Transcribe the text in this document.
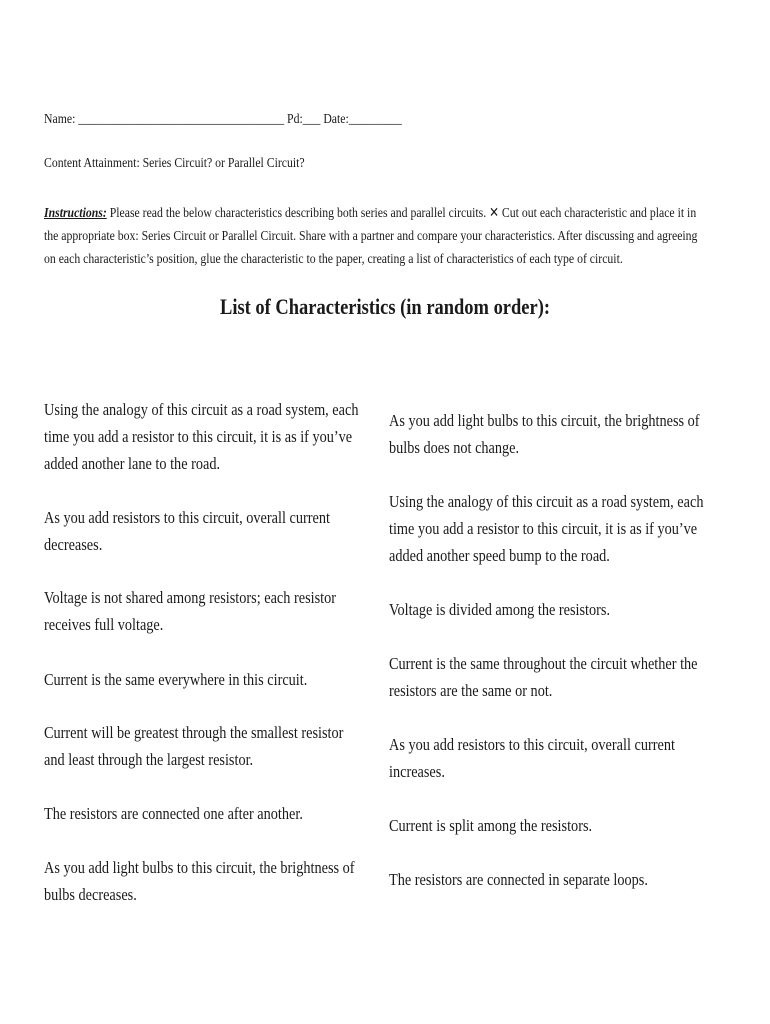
Name: ___________________________________ Pd:___ Date:_________
Content Attainment: Series Circuit? or Parallel Circuit?
Instructions: Please read the below characteristics describing both series and parallel circuits. ✕ Cut out each characteristic and place it in the appropriate box: Series Circuit or Parallel Circuit. Share with a partner and compare your characteristics. After discussing and agreeing on each characteristic’s position, glue the characteristic to the paper, creating a list of characteristics of each type of circuit.
List of Characteristics (in random order):
Using the analogy of this circuit as a road system, each time you add a resistor to this circuit, it is as if you’ve added another lane to the road.
As you add resistors to this circuit, overall current decreases.
Voltage is not shared among resistors; each resistor receives full voltage.
Current is the same everywhere in this circuit.
Current will be greatest through the smallest resistor and least through the largest resistor.
The resistors are connected one after another.
As you add light bulbs to this circuit, the brightness of bulbs decreases.
As you add light bulbs to this circuit, the brightness of bulbs does not change.
Using the analogy of this circuit as a road system, each time you add a resistor to this circuit, it is as if you’ve added another speed bump to the road.
Voltage is divided among the resistors.
Current is the same throughout the circuit whether the resistors are the same or not.
As you add resistors to this circuit, overall current increases.
Current is split among the resistors.
The resistors are connected in separate loops.
